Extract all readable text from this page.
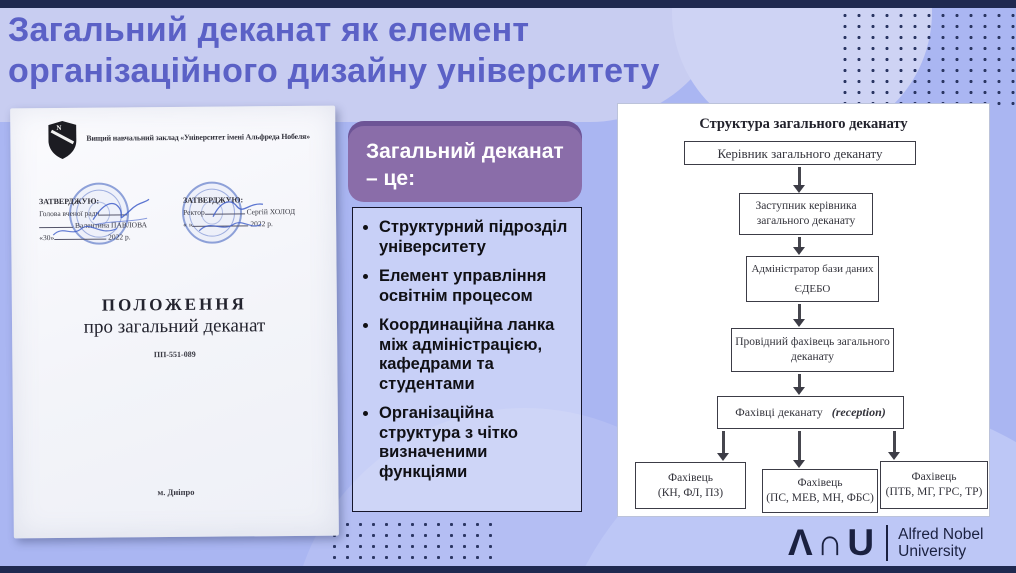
Загальний деканат як елемент
організаційного дизайну університету
N
Вищий навчальний заклад «Університет імені Альфреда Нобеля»
ЗАТВЕРДЖУЮ:
Голова вченої ради
Валентина ПАВЛОВА
«30»	2022 р.
ЗАТВЕРДЖУЮ:
Ректор	Сергій ХОЛОД
« »	2022 р.
ПОЛОЖЕННЯ
про загальний деканат
ПП-551-089
м. Дніпро
Загальний деканат – це:
• Структурний підрозділ університету
• Елемент управління освітнім процесом
• Координаційна ланка між адміністрацією, кафедрами та студентами
• Організаційна структура з чітко визначеними функціями
Структура загального деканату
Керівник загального деканату
Заступник керівника
загального деканату
Адміністратор бази даних
ЄДЕБО
Провідний фахівець загального
деканату
Фахівці деканату (reception)
Фахівець
(КН, ФЛ, ПЗ)
Фахівець
(ПС, МЕВ, МН, ФБС)
Фахівець
(ПТБ, МГ, ГРС, ТР)
Λ∩U Alfred Nobel
University
